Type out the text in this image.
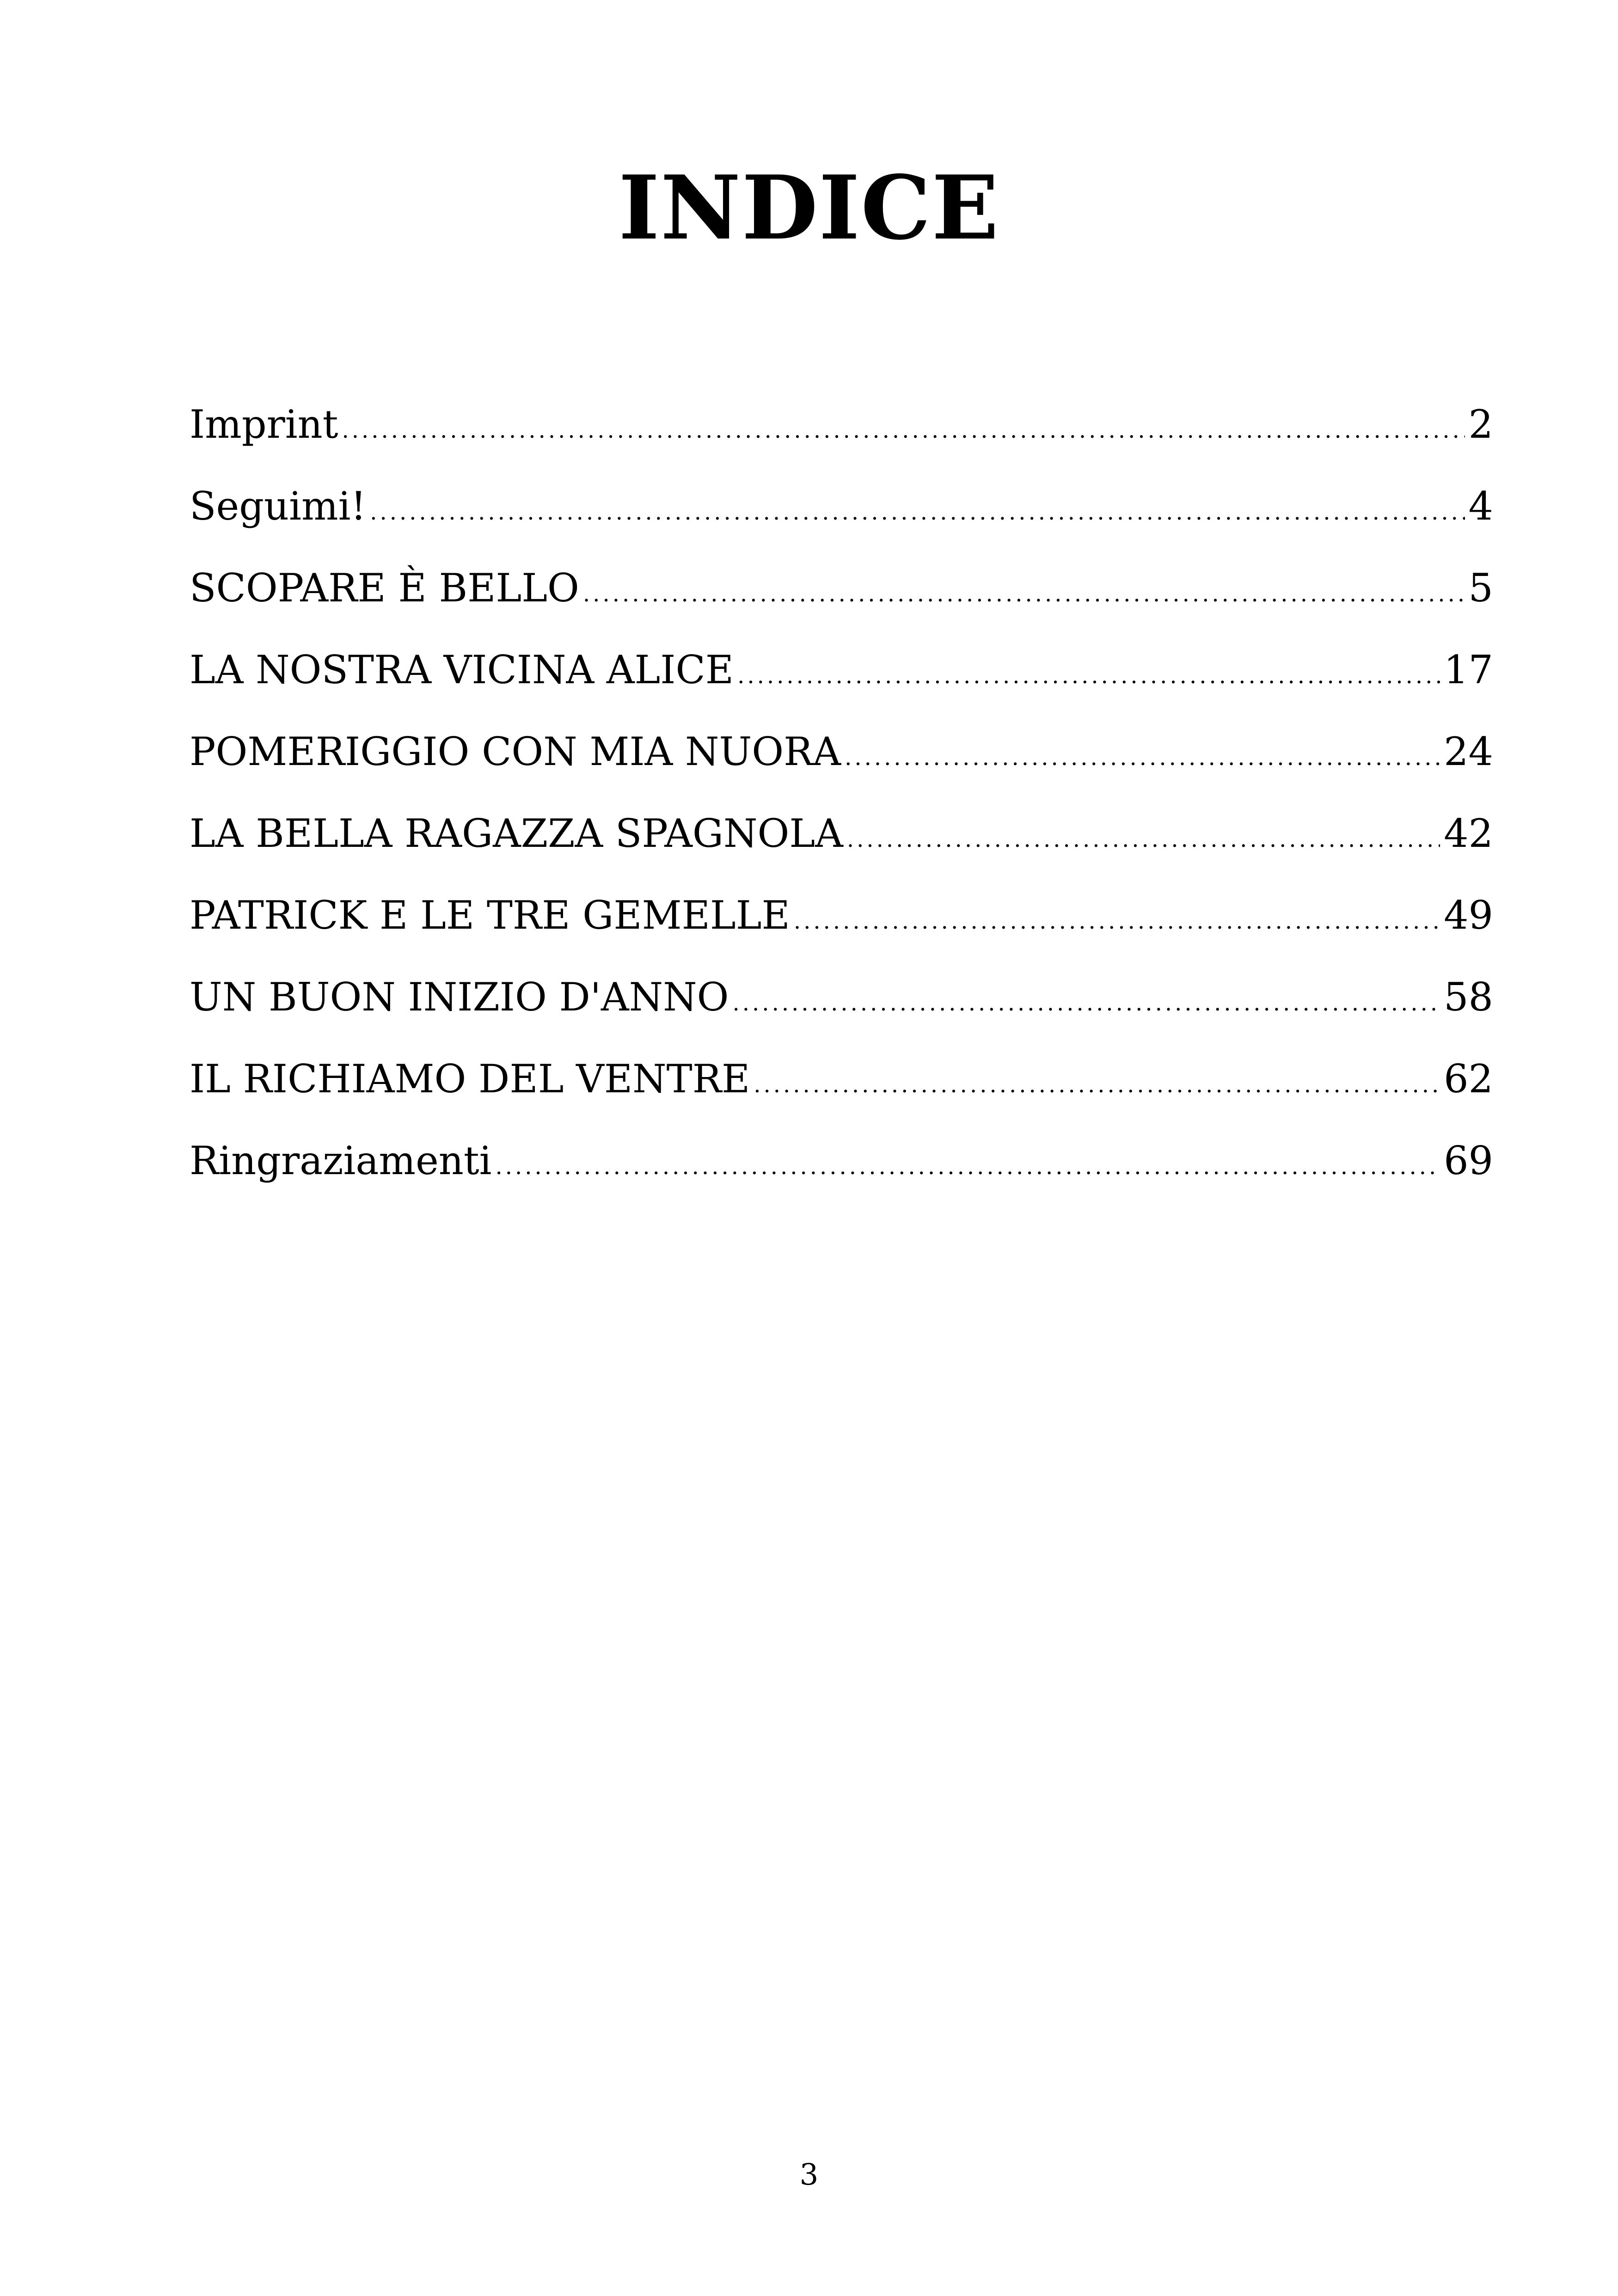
INDICE
Imprint .....	2
Seguimi! .....	4
SCOPARE È BELLO .....	5
LA NOSTRA VICINA ALICE .....	17
POMERIGGIO CON MIA NUORA .....	24
LA BELLA RAGAZZA SPAGNOLA .....	42
PATRICK E LE TRE GEMELLE .....	49
UN BUON INIZIO D'ANNO .....	58
IL RICHIAMO DEL VENTRE .....	62
Ringraziamenti .....	69
3
